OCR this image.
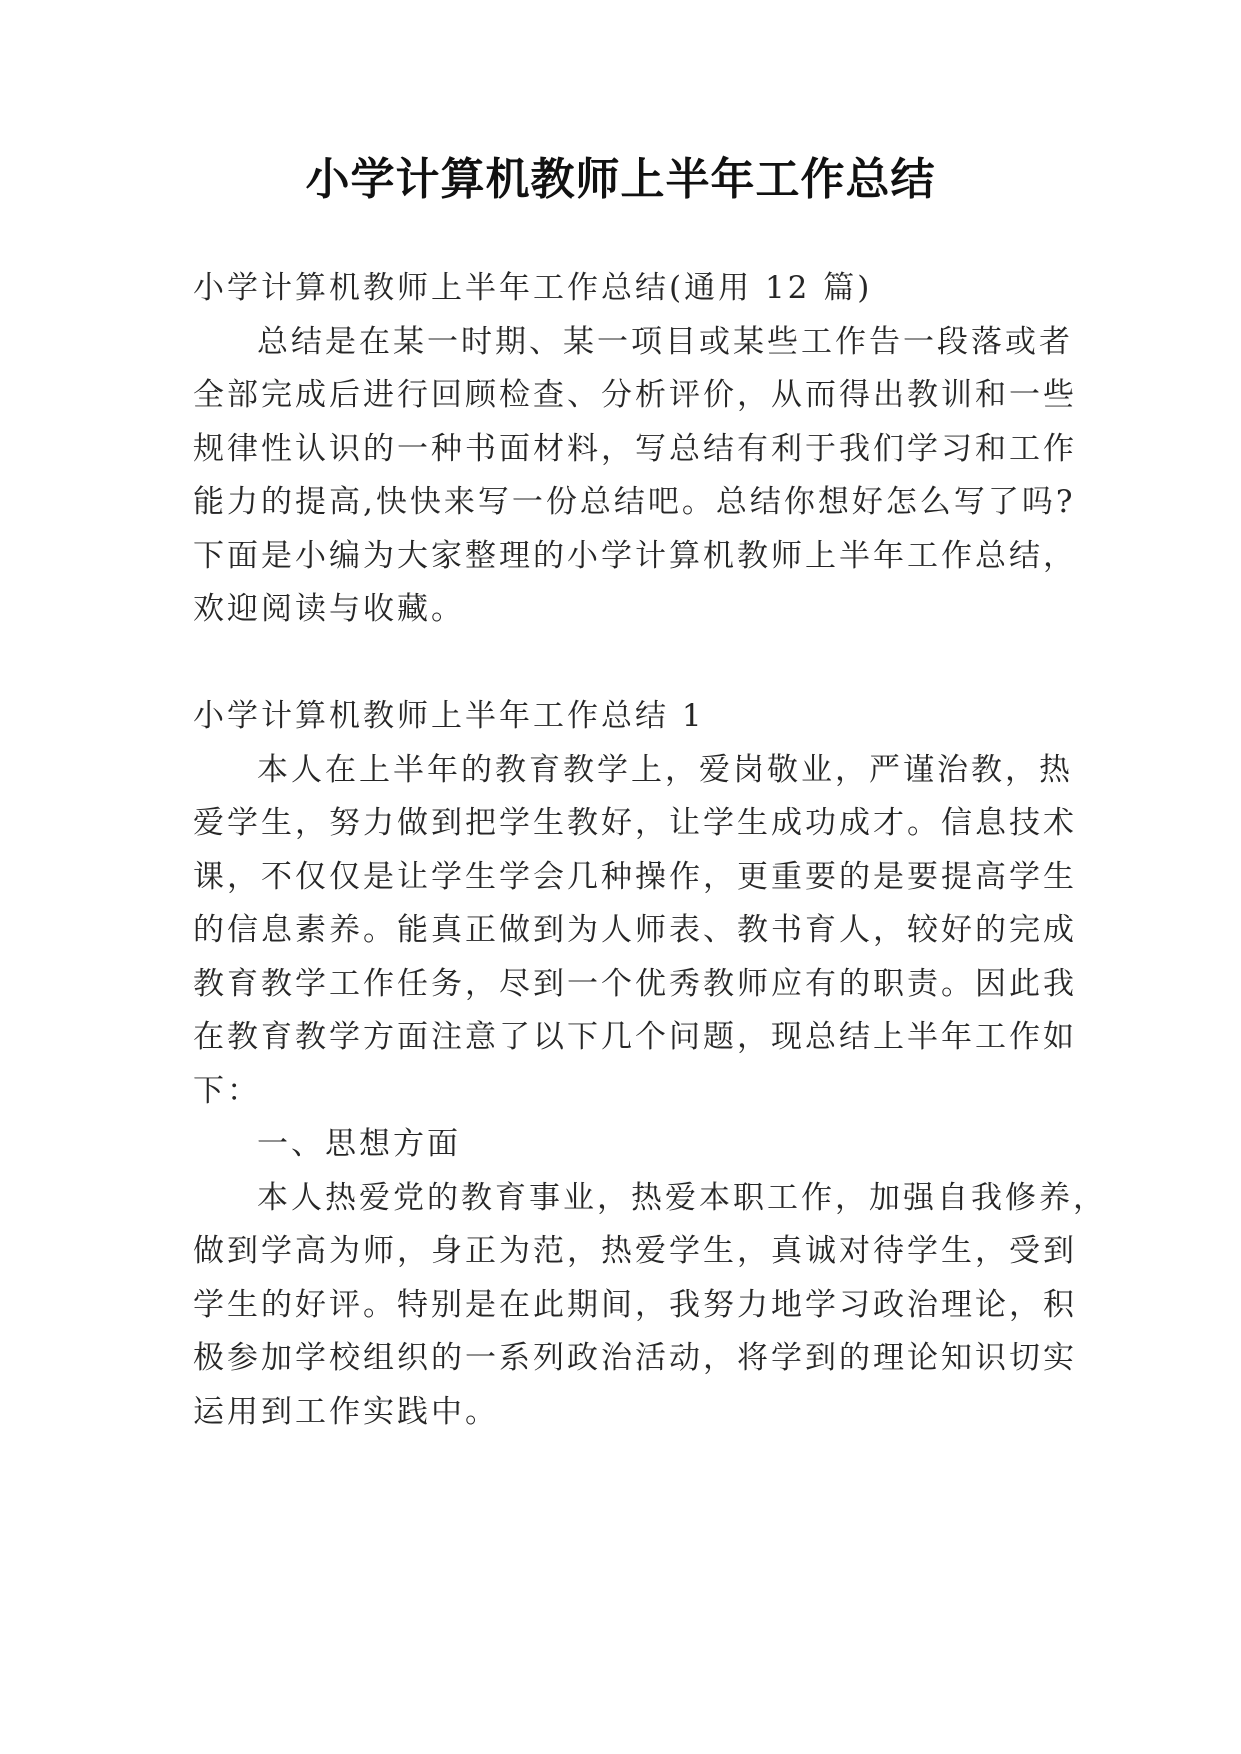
小学计算机教师上半年工作总结
小学计算机教师上半年工作总结(通用 12 篇)
总结是在某一时期、某一项目或某些工作告一段落或者
全部完成后进行回顾检查、分析评价，从而得出教训和一些
规律性认识的一种书面材料，写总结有利于我们学习和工作
能力的提高,快快来写一份总结吧。总结你想好怎么写了吗?
下面是小编为大家整理的小学计算机教师上半年工作总结，
欢迎阅读与收藏。
小学计算机教师上半年工作总结 1
本人在上半年的教育教学上，爱岗敬业，严谨治教，热
爱学生，努力做到把学生教好，让学生成功成才。信息技术
课，不仅仅是让学生学会几种操作，更重要的是要提高学生
的信息素养。能真正做到为人师表、教书育人，较好的完成
教育教学工作任务，尽到一个优秀教师应有的职责。因此我
在教育教学方面注意了以下几个问题，现总结上半年工作如
下：
一、思想方面
本人热爱党的教育事业，热爱本职工作，加强自我修养，
做到学高为师，身正为范，热爱学生，真诚对待学生，受到
学生的好评。特别是在此期间，我努力地学习政治理论，积
极参加学校组织的一系列政治活动，将学到的理论知识切实
运用到工作实践中。
